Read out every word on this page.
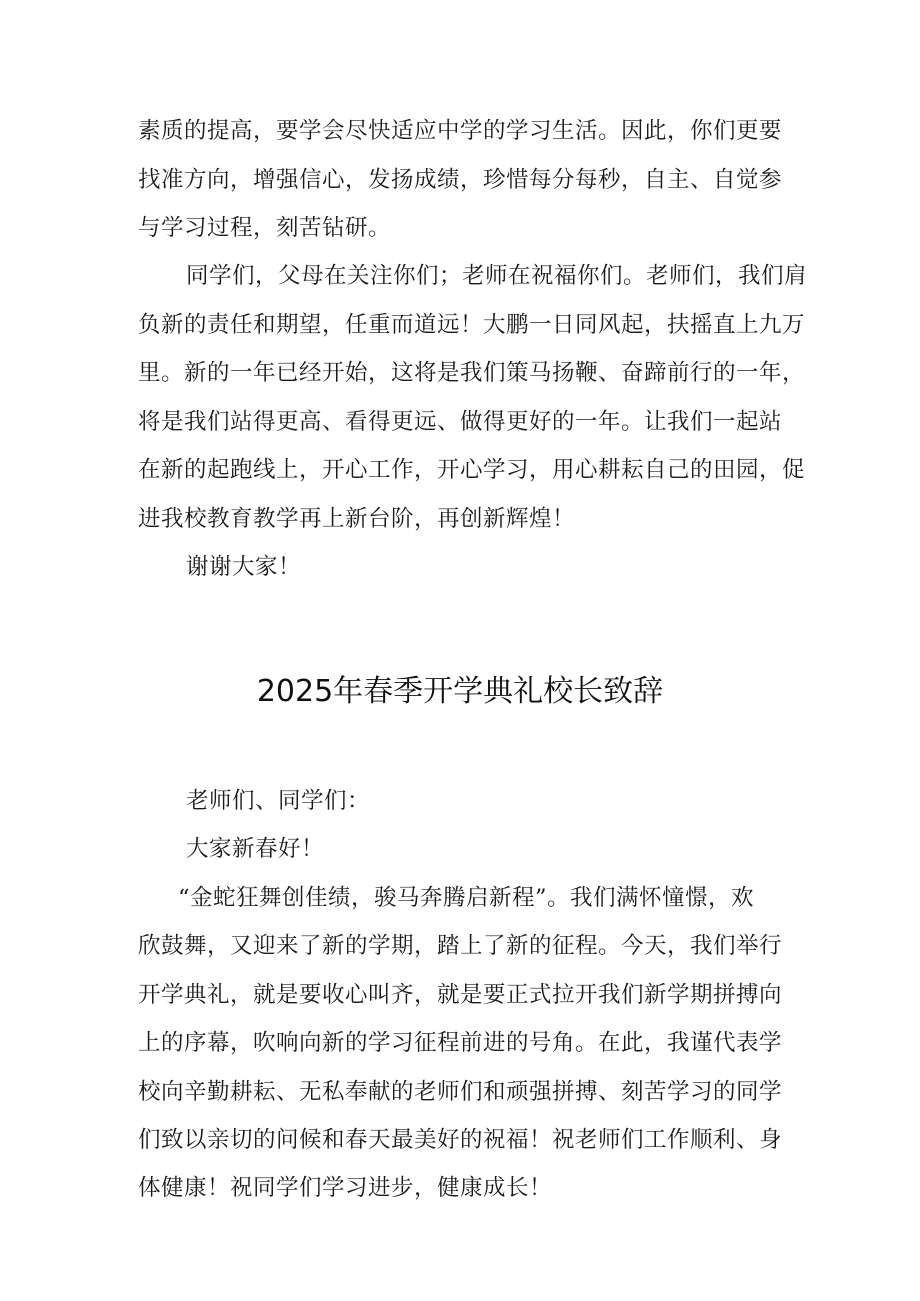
素质的提高，要学会尽快适应中学的学习生活。因此，你们更要
找准方向，增强信心，发扬成绩，珍惜每分每秒，自主、自觉参
与学习过程，刻苦钻研。
同学们，父母在关注你们；老师在祝福你们。老师们，我们肩
负新的责任和期望，任重而道远！大鹏一日同风起，扶摇直上九万
里。新的一年已经开始，这将是我们策马扬鞭、奋蹄前行的一年，
将是我们站得更高、看得更远、做得更好的一年。让我们一起站
在新的起跑线上，开心工作，开心学习，用心耕耘自己的田园，促
进我校教育教学再上新台阶，再创新辉煌！
谢谢大家！
2025年春季开学典礼校长致辞
老师们、同学们：
大家新春好！
“金蛇狂舞创佳绩，骏马奔腾启新程”。我们满怀憧憬，欢
欣鼓舞，又迎来了新的学期，踏上了新的征程。今天，我们举行
开学典礼，就是要收心叫齐，就是要正式拉开我们新学期拼搏向
上的序幕，吹响向新的学习征程前进的号角。在此，我谨代表学
校向辛勤耕耘、无私奉献的老师们和顽强拼搏、刻苦学习的同学
们致以亲切的问候和春天最美好的祝福！祝老师们工作顺利、身
体健康！祝同学们学习进步，健康成长！
